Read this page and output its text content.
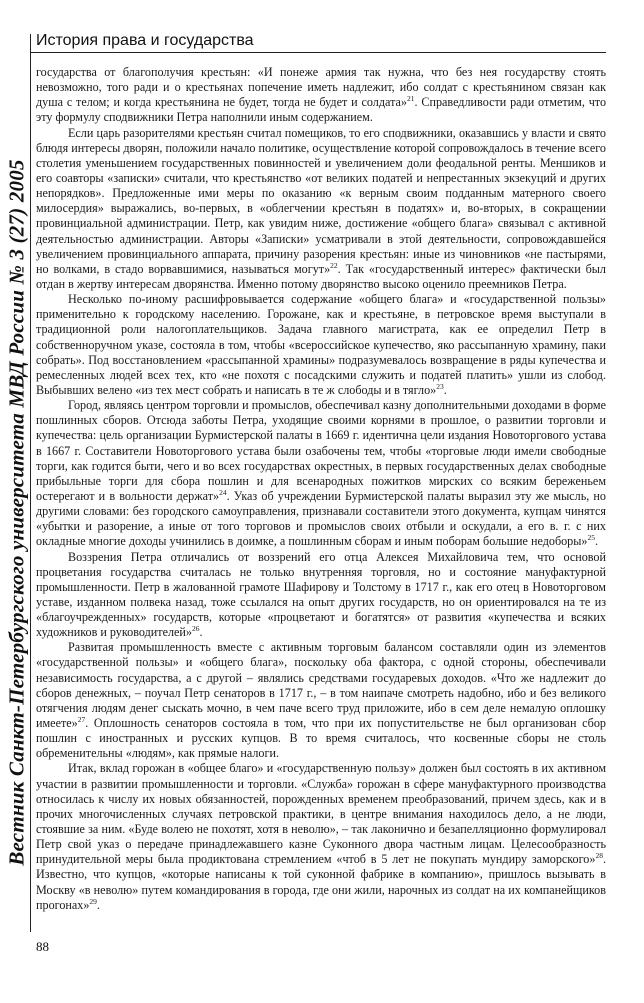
Вестник Санкт-Петербургского университета МВД России № 3 (27) 2005
История права и государства

государства от благополучия крестьян: «И понеже армия так нужна, что без нея государству стоять невозможно, того ради и о крестьянах попечение иметь надлежит, ибо солдат с крестьянином связан как душа с телом; и когда крестьянина не будет, тогда не будет и солдата»$^{21}$. Справедливости ради отметим, что эту формулу сподвижники Петра наполнили иным содержанием.

Если царь разорителями крестьян считал помещиков, то его сподвижники, оказавшись у власти и свято блюдя интересы дворян, положили начало политике, осуществление которой сопровождалось в течение всего столетия уменьшением государственных повинностей и увеличением доли феодальной ренты. Меншиков и его соавторы «записки» считали, что крестьянство «от великих податей и непрестанных экзекуций и других непорядков». Предложенные ими меры по оказанию «к верным своим подданным матерного своего милосердия» выражались, во-первых, в «облегчении крестьян в податях» и, во-вторых, в сокращении провинциальной администрации. Петр, как увидим ниже, достижение «общего блага» связывал с активной деятельностью администрации. Авторы «Записки» усматривали в этой деятельности, сопровождавшейся увеличением провинциального аппарата, причину разорения крестьян: иные из чиновников «не пастырями, но волками, в стадо ворвавшимися, называться могут»$^{22}$. Так «государственный интерес» фактически был отдан в жертву интересам дворянства. Именно потому дворянство высоко оценило преемников Петра.

Несколько по-иному расшифровывается содержание «общего блага» и «государственной пользы» применительно к городскому населению. Горожане, как и крестьяне, в петровское время выступали в традиционной роли налогоплательщиков. Задача главного магистрата, как ее определил Петр в собственноручном указе, состояла в том, чтобы «всероссийское купечество, яко рассыпанную храмину, паки собрать». Под восстановлением «рассыпанной храмины» подразумевалось возвращение в ряды купечества и ремесленных людей всех тех, кто «не похотя с посадскими служить и податей платить» ушли из слобод. Выбывших велено «из тех мест собрать и написать в те ж слободы и в тягло»$^{23}$.

Город, являясь центром торговли и промыслов, обеспечивал казну дополнительными доходами в форме пошлинных сборов. Отсюда заботы Петра, уходящие своими корнями в прошлое, о развитии торговли и купечества: цель организации Бурмистерской палаты в 1669 г. идентична цели издания Новоторгового устава в 1667 г. Составители Новоторгового устава были озабочены тем, чтобы «торговые люди имели свободные торги, как годится быти, чего и во всех государствах окрестных, в первых государственных делах свободные прибыльные торги для сбора пошлин и для всенародных пожитков мирских со всяким береженьем остерегают и в вольности держат»$^{24}$. Указ об учреждении Бурмистерской палаты выразил эту же мысль, но другими словами: без городского самоуправления, признавали составители этого документа, купцам чинятся «убытки и разорение, а иные от того торговов и промыслов своих отбыли и оскудали, а его в. г. с них окладные многие доходы учинились в доимке, а пошлинным сборам и иным поборам большие недоборы»$^{25}$.

Воззрения Петра отличались от воззрений его отца Алексея Михайловича тем, что основой процветания государства считалась не только внутренняя торговля, но и состояние мануфактурной промышленности. Петр в жалованной грамоте Шафирову и Толстому в 1717 г., как его отец в Новоторговом уставе, изданном полвека назад, тоже ссылался на опыт других государств, но он ориентировался на те из «благоучрежденных» государств, которые «процветают и богатятся» от развития «купечества и всяких художников и руководителей»$^{26}$.

Развитая промышленность вместе с активным торговым балансом составляли один из элементов «государственной пользы» и «общего блага», поскольку оба фактора, с одной стороны, обеспечивали независимость государства, а с другой – являлись средствами государевых доходов. «Что же надлежит до сборов денежных, – поучал Петр сенаторов в 1717 г., – в том наипаче смотреть надобно, ибо и без великого отягчения людям денег сыскать мочно, в чем паче всего труд приложите, ибо в сем деле немалую оплошку имеете»$^{27}$. Оплошность сенаторов состояла в том, что при их попустительстве не был организован сбор пошлин с иностранных и русских купцов. В то время считалось, что косвенные сборы не столь обременительны «людям», как прямые налоги.

Итак, вклад горожан в «общее благо» и «государственную пользу» должен был состоять в их активном участии в развитии промышленности и торговли. «Служба» горожан в сфере мануфактурного производства относилась к числу их новых обязанностей, порожденных временем преобразований, причем здесь, как и в прочих многочисленных случаях петровской практики, в центре внимания находилось дело, а не люди, стоявшие за ним. «Буде волею не похотят, хотя в неволю», – так лаконично и безапелляционно формулировал Петр свой указ о передаче принадлежавшего казне Суконного двора частным лицам. Целесообразность принудительной меры была продиктована стремлением «чтоб в 5 лет не покупать мундиру заморского»$^{28}$. Известно, что купцов, «которые написаны к той суконной фабрике в компанию», пришлось вызывать в Москву «в неволю» путем командирования в города, где они жили, нарочных из солдат на их компанейщиков прогонах»$^{29}$.

88
